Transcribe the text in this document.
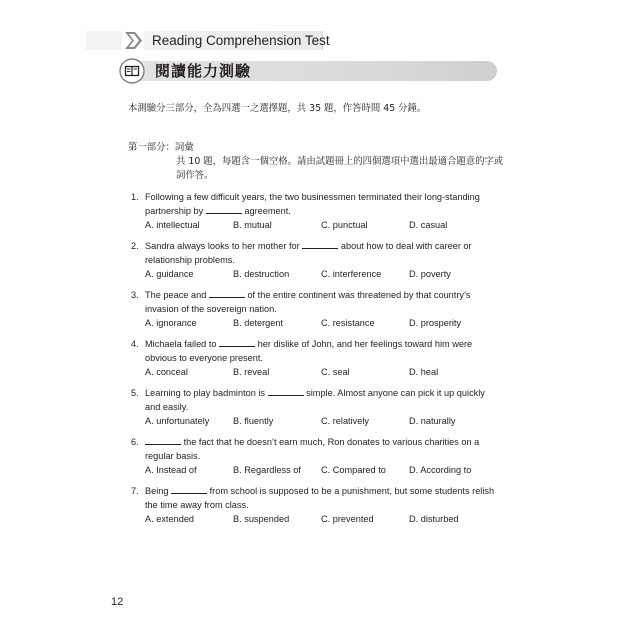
Reading Comprehension Test
閱讀能力測驗
本測驗分三部分，全為四選一之選擇題，共 35 題，作答時間 45 分鐘。
第一部分：詞彙
共 10 題，每題含一個空格。請由試題冊上的四個選項中選出最適合題意的字或
詞作答。
1. Following a few difficult years, the two businessmen terminated their long-standing
partnership by	agreement.
A. intellectual	B. mutual	C. punctual	D. casual
2. Sandra always looks to her mother for	about how to deal with career or
relationship problems.
A. guidance	B. destruction	C. interference	D. poverty
3. The peace and	of the entire continent was threatened by that country’s
invasion of the sovereign nation.
A. ignorance	B. detergent	C. resistance	D. prosperity
4. Michaela failed to	her dislike of John, and her feelings toward him were
obvious to everyone present.
A. conceal	B. reveal	C. seal	D. heal
5. Learning to play badminton is	simple. Almost anyone can pick it up quickly
and easily.
A. unfortunately	B. fluently	C. relatively	D. naturally
6.	the fact that he doesn’t earn much, Ron donates to various charities on a
regular basis.
A. Instead of	B. Regardless of C. Compared to	D. According to
7. Being	from school is supposed to be a punishment, but some students relish
the time away from class.
A. extended	B. suspended	C. prevented	D. disturbed
12
